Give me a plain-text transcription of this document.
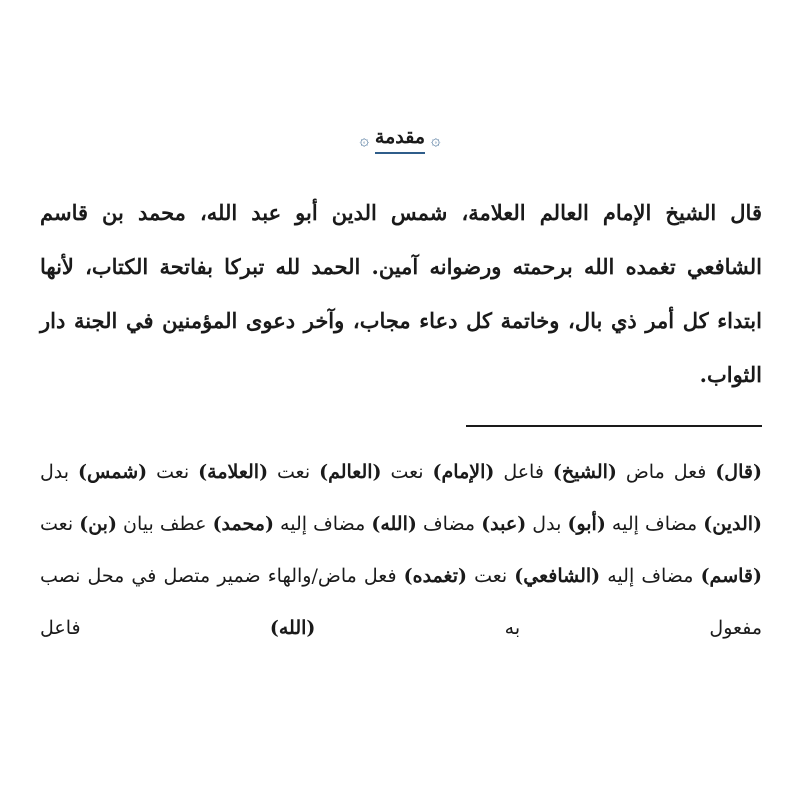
۞
مقدمة
۞

قال الشيخ الإمام العالم العلامة، شمس الدين أبو عبد الله، محمد بن قاسم الشافعي تغمده الله برحمته ورضوانه آمين. الحمد لله تبركا بفاتحة الكتاب، لأنها ابتداء كل أمر ذي بال، وخاتمة كل دعاء مجاب، وآخر دعوى المؤمنين في الجنة دار الثواب.

(قال) فعل ماض (الشيخ) فاعل (الإمام) نعت (العالم) نعت (العلامة) نعت (شمس) بدل (الدين) مضاف إليه (أبو) بدل (عبد) مضاف (الله) مضاف إليه (محمد) عطف بيان (بن) نعت (قاسم) مضاف إليه (الشافعي) نعت (تغمده) فعل ماض/والهاء ضمير متصل في محل نصب مفعول به (الله) فاعل
